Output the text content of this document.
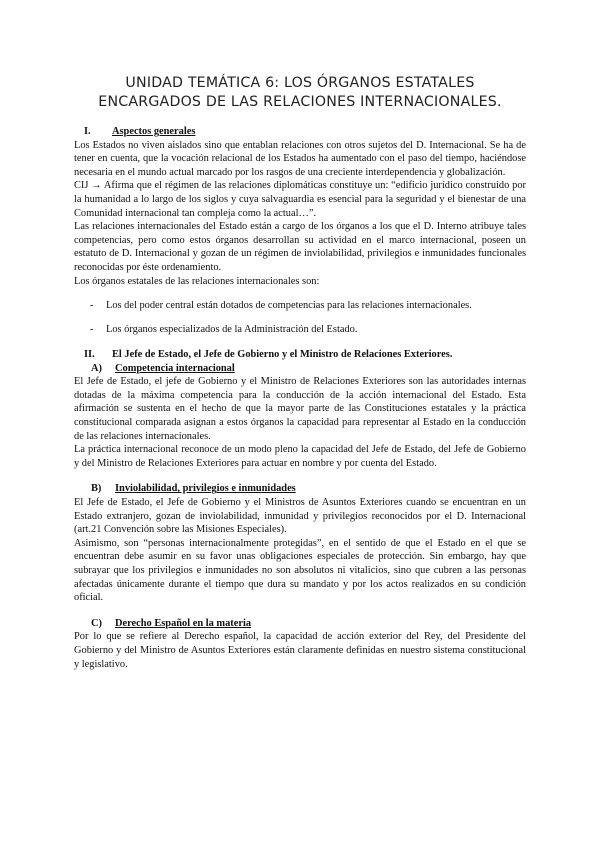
UNIDAD TEMÁTICA 6: LOS ÓRGANOS ESTATALES
ENCARGADOS DE LAS RELACIONES INTERNACIONALES.

I. Aspectos generales

Los Estados no viven aislados sino que entablan relaciones con otros sujetos del D. Internacional. Se ha de tener en cuenta, que la vocación relacional de los Estados ha aumentado con el paso del tiempo, haciéndose necesaria en el mundo actual marcado por los rasgos de una creciente interdependencia y globalización.

CIJ → Afirma que el régimen de las relaciones diplomáticas constituye un: “edificio jurídico construido por la humanidad a lo largo de los siglos y cuya salvaguardia es esencial para la seguridad y el bienestar de una Comunidad internacional tan compleja como la actual…”.

Las relaciones internacionales del Estado están a cargo de los órganos a los que el D. Interno atribuye tales competencias, pero como estos órganos desarrollan su actividad en el marco internacional, poseen un estatuto de D. Internacional y gozan de un régimen de inviolabilidad, privilegios e inmunidades funcionales reconocidas por éste ordenamiento.

Los órganos estatales de las relaciones internacionales son:

- Los del poder central están dotados de competencias para las relaciones internacionales.

- Los órganos especializados de la Administración del Estado.

II. El Jefe de Estado, el Jefe de Gobierno y el Ministro de Relaciones Exteriores.

A) Competencia internacional

El Jefe de Estado, el jefe de Gobierno y el Ministro de Relaciones Exteriores son las autoridades internas dotadas de la máxima competencia para la conducción de la acción internacional del Estado. Esta afirmación se sustenta en el hecho de que la mayor parte de las Constituciones estatales y la práctica constitucional comparada asignan a estos órganos la capacidad para representar al Estado en la conducción de las relaciones internacionales.

La práctica internacional reconoce de un modo pleno la capacidad del Jefe de Estado, del Jefe de Gobierno y del Ministro de Relaciones Exteriores para actuar en nombre y por cuenta del Estado.

B) Inviolabilidad, privilegios e inmunidades

El Jefe de Estado, el Jefe de Gobierno y el Ministros de Asuntos Exteriores cuando se encuentran en un Estado extranjero, gozan de inviolabilidad, inmunidad y privilegios reconocidos por el D. Internacional (art.21 Convención sobre las Misiones Especiales).

Asimismo, son “personas internacionalmente protegidas”, en el sentido de que el Estado en el que se encuentran debe asumir en su favor unas obligaciones especiales de protección. Sin embargo, hay que subrayar que los privilegios e inmunidades no son absolutos ni vitalicios, sino que cubren a las personas afectadas únicamente durante el tiempo que dura su mandato y por los actos realizados en su condición oficial.

C) Derecho Español en la materia

Por lo que se refiere al Derecho español, la capacidad de acción exterior del Rey, del Presidente del Gobierno y del Ministro de Asuntos Exteriores están claramente definidas en nuestro sistema constitucional y legislativo.
